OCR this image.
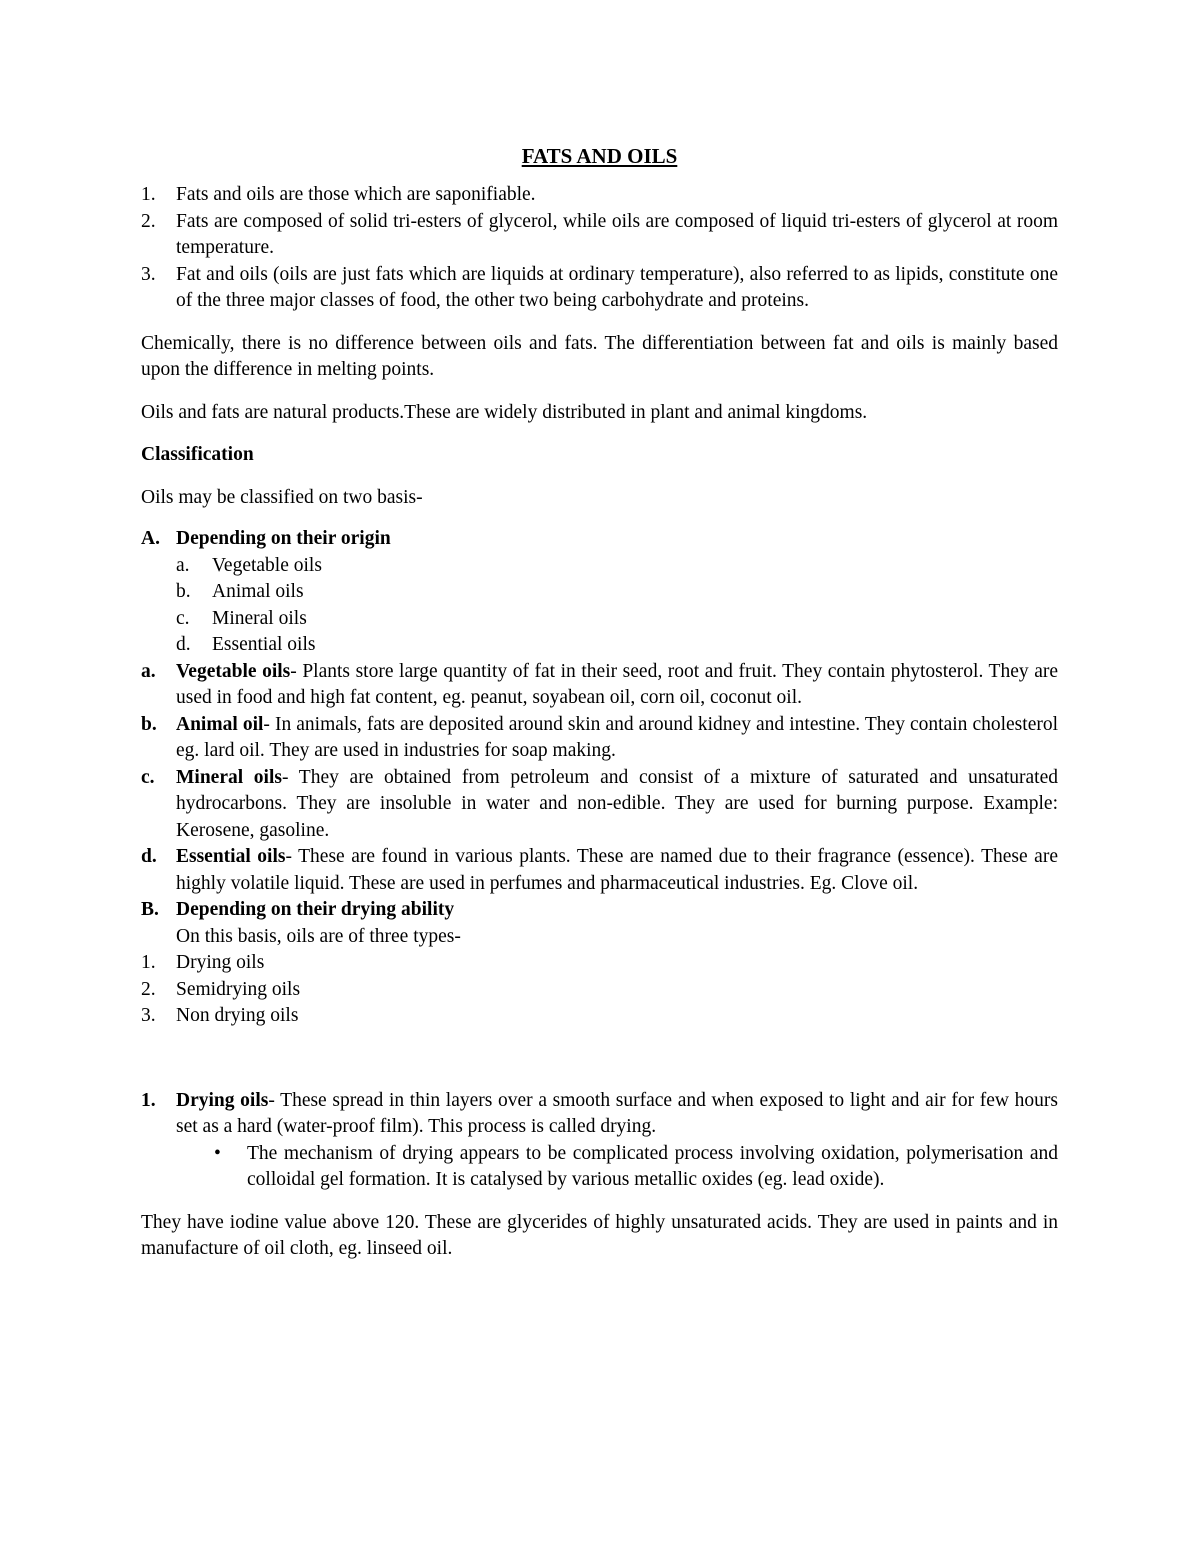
FATS AND OILS
1. Fats and oils are those which are saponifiable.
2. Fats are composed of solid tri-esters of glycerol, while oils are composed of liquid tri-esters of glycerol at room temperature.
3. Fat and oils (oils are just fats which are liquids at ordinary temperature), also referred to as lipids, constitute one of the three major classes of food, the other two being carbohydrate and proteins.
Chemically, there is no difference between oils and fats. The differentiation between fat and oils is mainly based upon the difference in melting points.
Oils and fats are natural products.These are widely distributed in plant and animal kingdoms.
Classification
Oils may be classified on two basis-
A. Depending on their origin
a. Vegetable oils
b. Animal oils
c. Mineral oils
d. Essential oils
a. Vegetable oils- Plants store large quantity of fat in their seed, root and fruit. They contain phytosterol. They are used in food and high fat content, eg. peanut, soyabean oil, corn oil, coconut oil.
b. Animal oil- In animals, fats are deposited around skin and around kidney and intestine. They contain cholesterol eg. lard oil. They are used in industries for soap making.
c. Mineral oils- They are obtained from petroleum and consist of a mixture of saturated and unsaturated hydrocarbons. They are insoluble in water and non-edible. They are used for burning purpose. Example: Kerosene, gasoline.
d. Essential oils- These are found in various plants. These are named due to their fragrance (essence). These are highly volatile liquid. These are used in perfumes and pharmaceutical industries. Eg. Clove oil.
B. Depending on their drying ability
On this basis, oils are of three types-
1. Drying oils
2. Semidrying oils
3. Non drying oils
1. Drying oils- These spread in thin layers over a smooth surface and when exposed to light and air for few hours set as a hard (water-proof film). This process is called drying.
• The mechanism of drying appears to be complicated process involving oxidation, polymerisation and colloidal gel formation. It is catalysed by various metallic oxides (eg. lead oxide).
They have iodine value above 120. These are glycerides of highly unsaturated acids. They are used in paints and in manufacture of oil cloth, eg. linseed oil.
